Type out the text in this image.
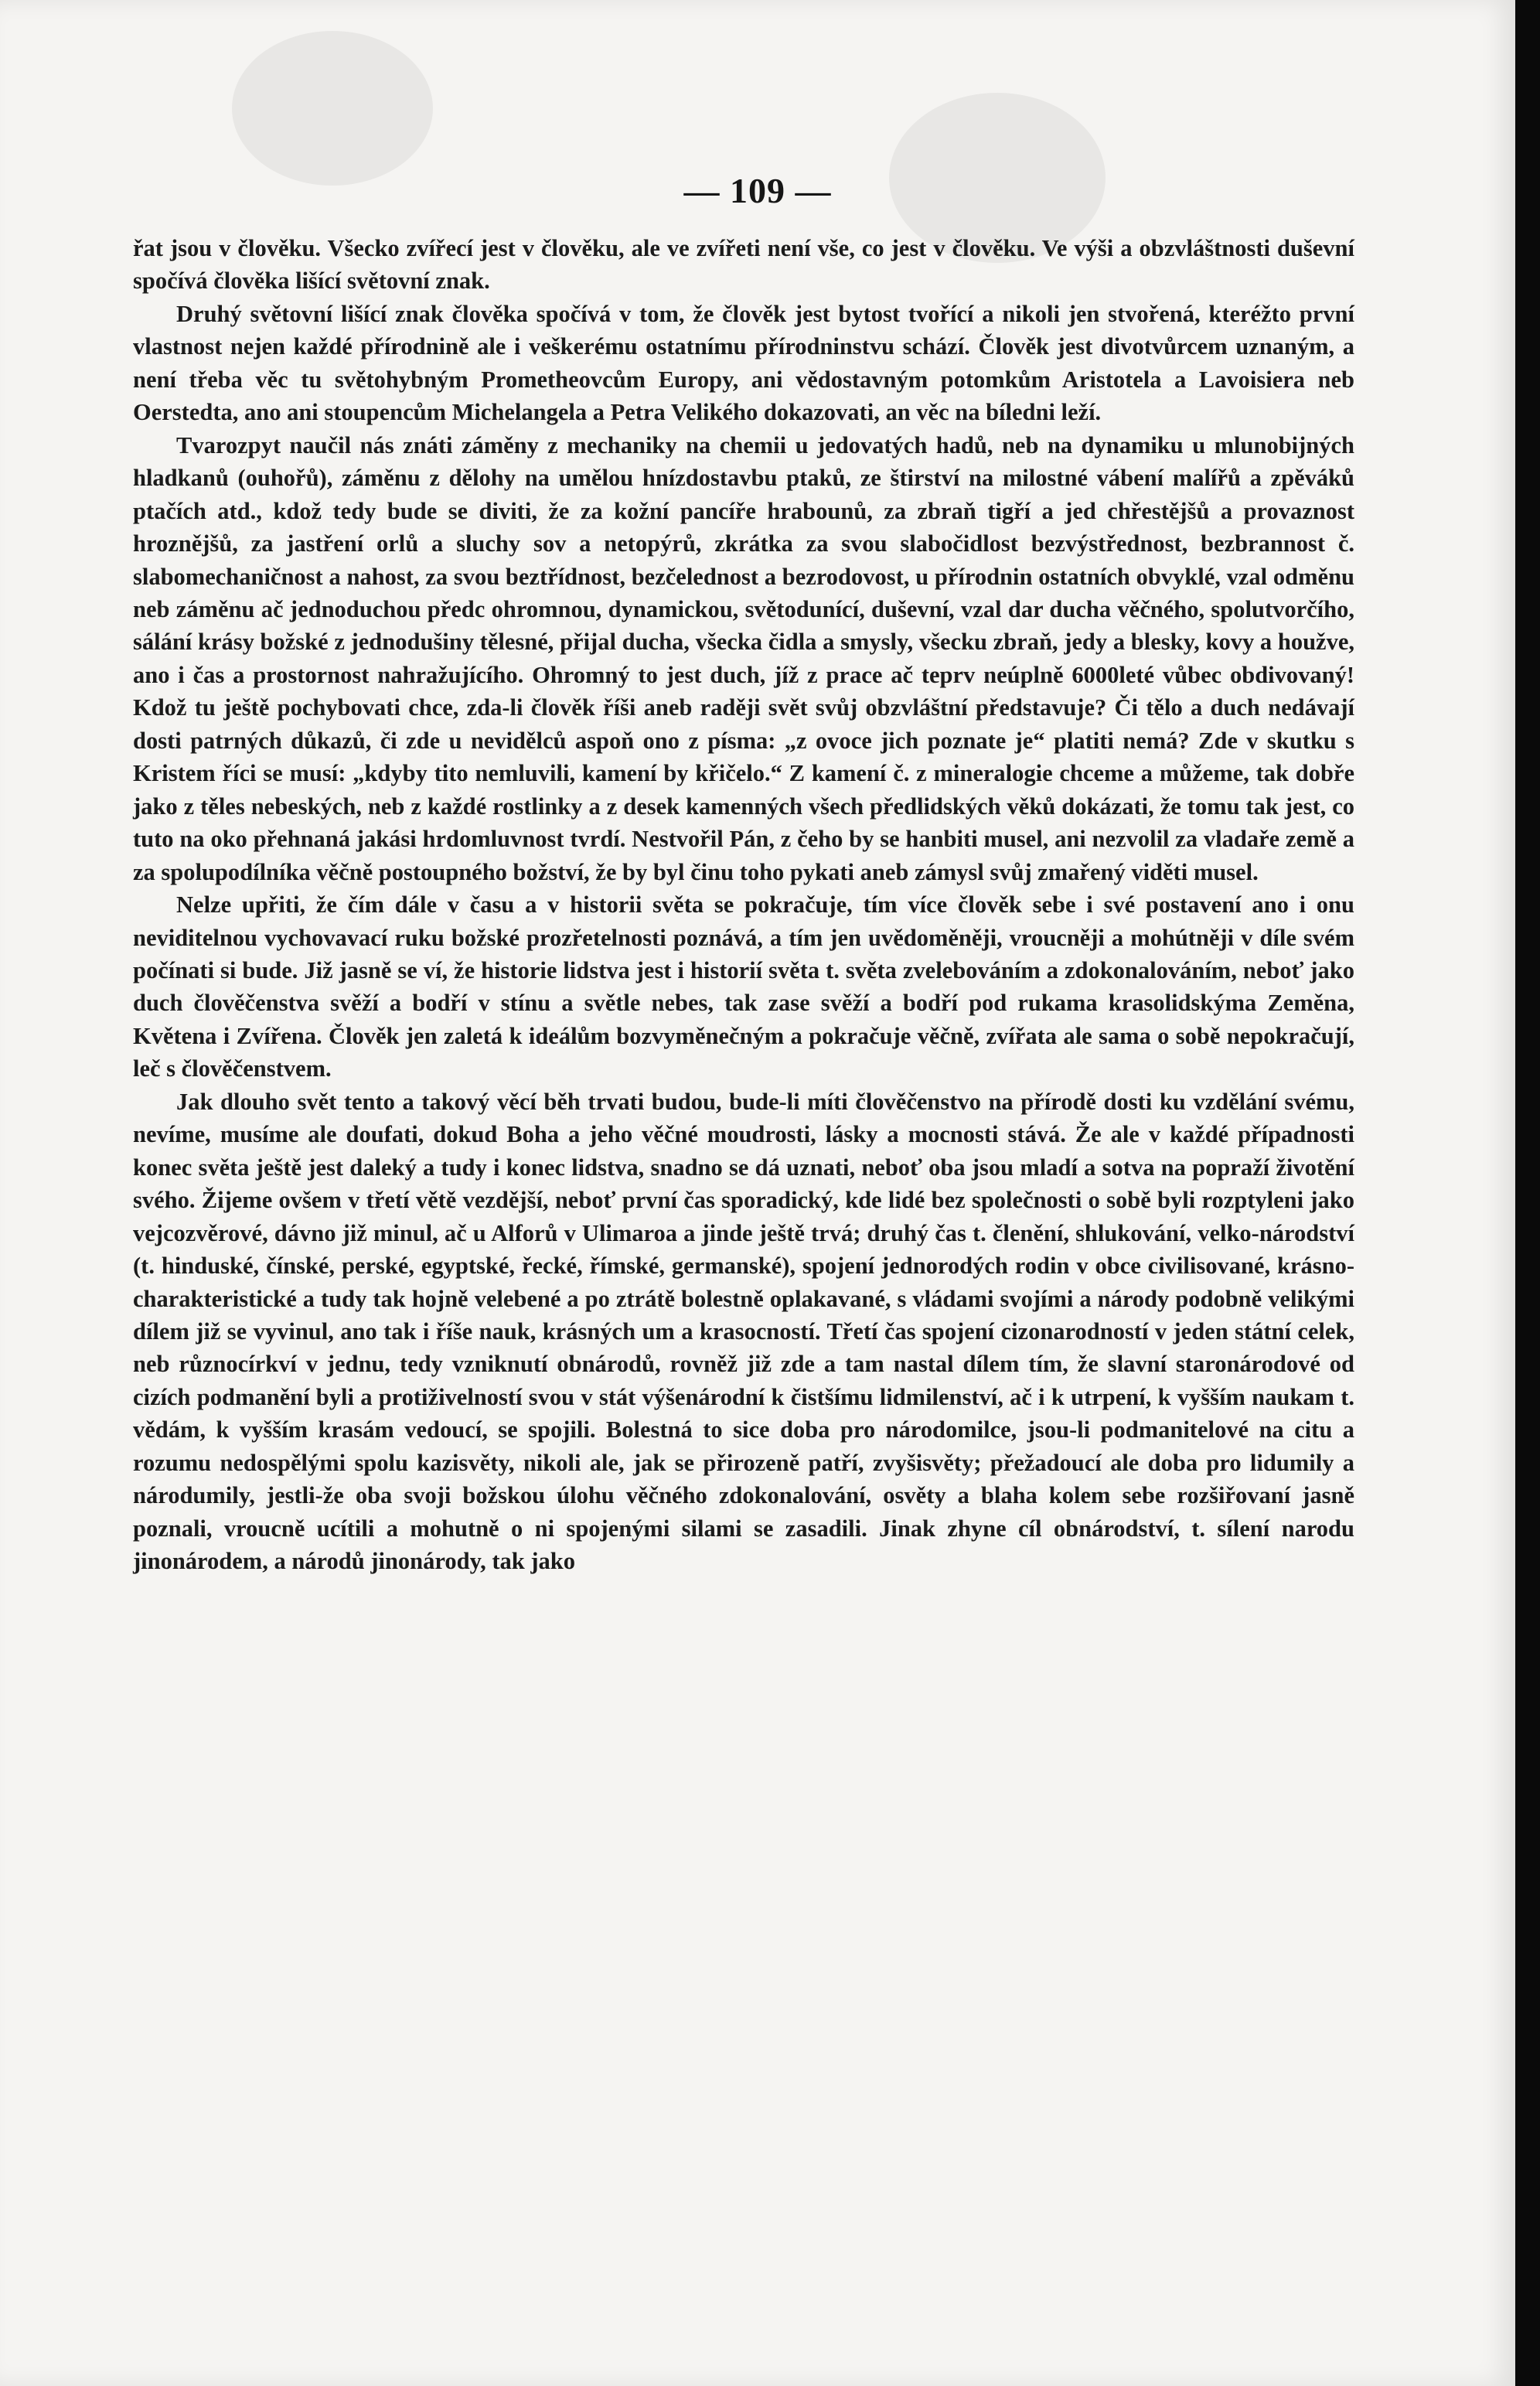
— 109 —

řat jsou v člověku. Všecko zvířecí jest v člověku, ale ve zvířeti není vše, co jest v člověku. Ve výši a obzvláštnosti duševní spočívá člověka lišící světovní znak.

Druhý světovní lišící znak člověka spočívá v tom, že člověk jest bytost tvořící a nikoli jen stvořená, kteréžto první vlastnost nejen každé přírodnině ale i veškerému ostatnímu přírodninstvu schází. Člověk jest divotvůrcem uznaným, a není třeba věc tu světohybným Prometheovcům Europy, ani vědostavným potomkům Aristotela a Lavoisiera neb Oerstedta, ano ani stoupencům Michelangela a Petra Velikého dokazovati, an věc na bíledni leží.

Tvarozpyt naučil nás znáti záměny z mechaniky na chemii u jedovatých hadů, neb na dynamiku u mlunobijných hladkanů (ouhořů), záměnu z dělohy na umělou hnízdostavbu ptaků, ze štirství na milostné vábení malířů a zpěváků ptačích atd., kdož tedy bude se diviti, že za kožní pancíře hrabounů, za zbraň tigří a jed chřestějšů a provaznost hroznějšů, za jastření orlů a sluchy sov a netopýrů, zkrátka za svou slabočidlost bezvýstřednost, bezbrannost č. slabomechaničnost a nahost, za svou beztřídnost, bezčelednost a bezrodovost, u přírodnin ostatních obvyklé, vzal odměnu neb záměnu ač jednoduchou předc ohromnou, dynamickou, světodunící, duševní, vzal dar ducha věčného, spolutvorčího, sálání krásy božské z jednodušiny tělesné, přijal ducha, všecka čidla a smysly, všecku zbraň, jedy a blesky, kovy a houžve, ano i čas a prostornost nahražujícího. Ohromný to jest duch, jíž z prace ač teprv neúplně 6000leté vůbec obdivovaný! Kdož tu ještě pochybovati chce, zda-li člověk říši aneb raději svět svůj obzvláštní představuje? Či tělo a duch nedávají dosti patrných důkazů, či zde u nevidělců aspoň ono z písma: „z ovoce jich poznate je“ platiti nemá? Zde v skutku s Kristem říci se musí: „kdyby tito nemluvili, kamení by křičelo.“ Z kamení č. z mineralogie chceme a můžeme, tak dobře jako z těles nebeských, neb z každé rostlinky a z desek kamenných všech předlidských věků dokázati, že tomu tak jest, co tuto na oko přehnaná jakási hrdomluvnost tvrdí. Nestvořil Pán, z čeho by se hanbiti musel, ani nezvolil za vladaře země a za spolupodílníka věčně postoupného božství, že by byl činu toho pykati aneb zámysl svůj zmařený viděti musel.

Nelze upřiti, že čím dále v času a v historii světa se pokračuje, tím více člověk sebe i své postavení ano i onu neviditelnou vychovavací ruku božské prozřetelnosti poznává, a tím jen uvědoměněji, vroucněji a mohútněji v díle svém počínati si bude. Již jasně se ví, že historie lidstva jest i historií světa t. světa zvelebováním a zdokonalováním, neboť jako duch člověčenstva svěží a bodří v stínu a světle nebes, tak zase svěží a bodří pod rukama krasolidskýma Zeměna, Květena i Zvířena. Člověk jen zaletá k ideálům bozvyměnečným a pokračuje věčně, zvířata ale sama o sobě nepokračují, leč s člověčenstvem.

Jak dlouho svět tento a takový věcí běh trvati budou, bude-li míti člověčenstvo na přírodě dosti ku vzdělání svému, nevíme, musíme ale doufati, dokud Boha a jeho věčné moudrosti, lásky a mocnosti stává. Že ale v každé případnosti konec světa ještě jest daleký a tudy i konec lidstva, snadno se dá uznati, neboť oba jsou mladí a sotva na popraží životění svého. Žijeme ovšem v třetí větě vezdější, neboť první čas sporadický, kde lidé bez společnosti o sobě byli rozptyleni jako vejcozvěrové, dávno již minul, ač u Alforů v Ulimaroa a jinde ještě trvá; druhý čas t. členění, shlukování, velko-národství (t. hinduské, čínské, perské, egyptské, řecké, římské, germanské), spojení jednorodých rodin v obce civilisované, krásno-charakteristické a tudy tak hojně velebené a po ztrátě bolestně oplakavané, s vládami svojími a národy podobně velikými dílem již se vyvinul, ano tak i říše nauk, krásných um a krasocností. Třetí čas spojení cizonarodností v jeden státní celek, neb různocírkví v jednu, tedy vzniknutí obnárodů, rovněž již zde a tam nastal dílem tím, že slavní staronárodové od cizích podmanění byli a protiživelností svou v stát výšenárodní k čistšímu lidmilenství, ač i k utrpení, k vyšším naukam t. vědám, k vyšším krasám vedoucí, se spojili. Bolestná to sice doba pro národomilce, jsou-li podmanitelové na citu a rozumu nedospělými spolu kazisvěty, nikoli ale, jak se přirozeně patří, zvyšisvěty; přežadoucí ale doba pro lidumily a národumily, jestli-že oba svoji božskou úlohu věčného zdokonalování, osvěty a blaha kolem sebe rozšiřovaní jasně poznali, vroucně ucítili a mohutně o ni spojenými silami se zasadili. Jinak zhyne cíl obnárodství, t. sílení narodu jinonárodem, a národů jinonárody, tak jako
